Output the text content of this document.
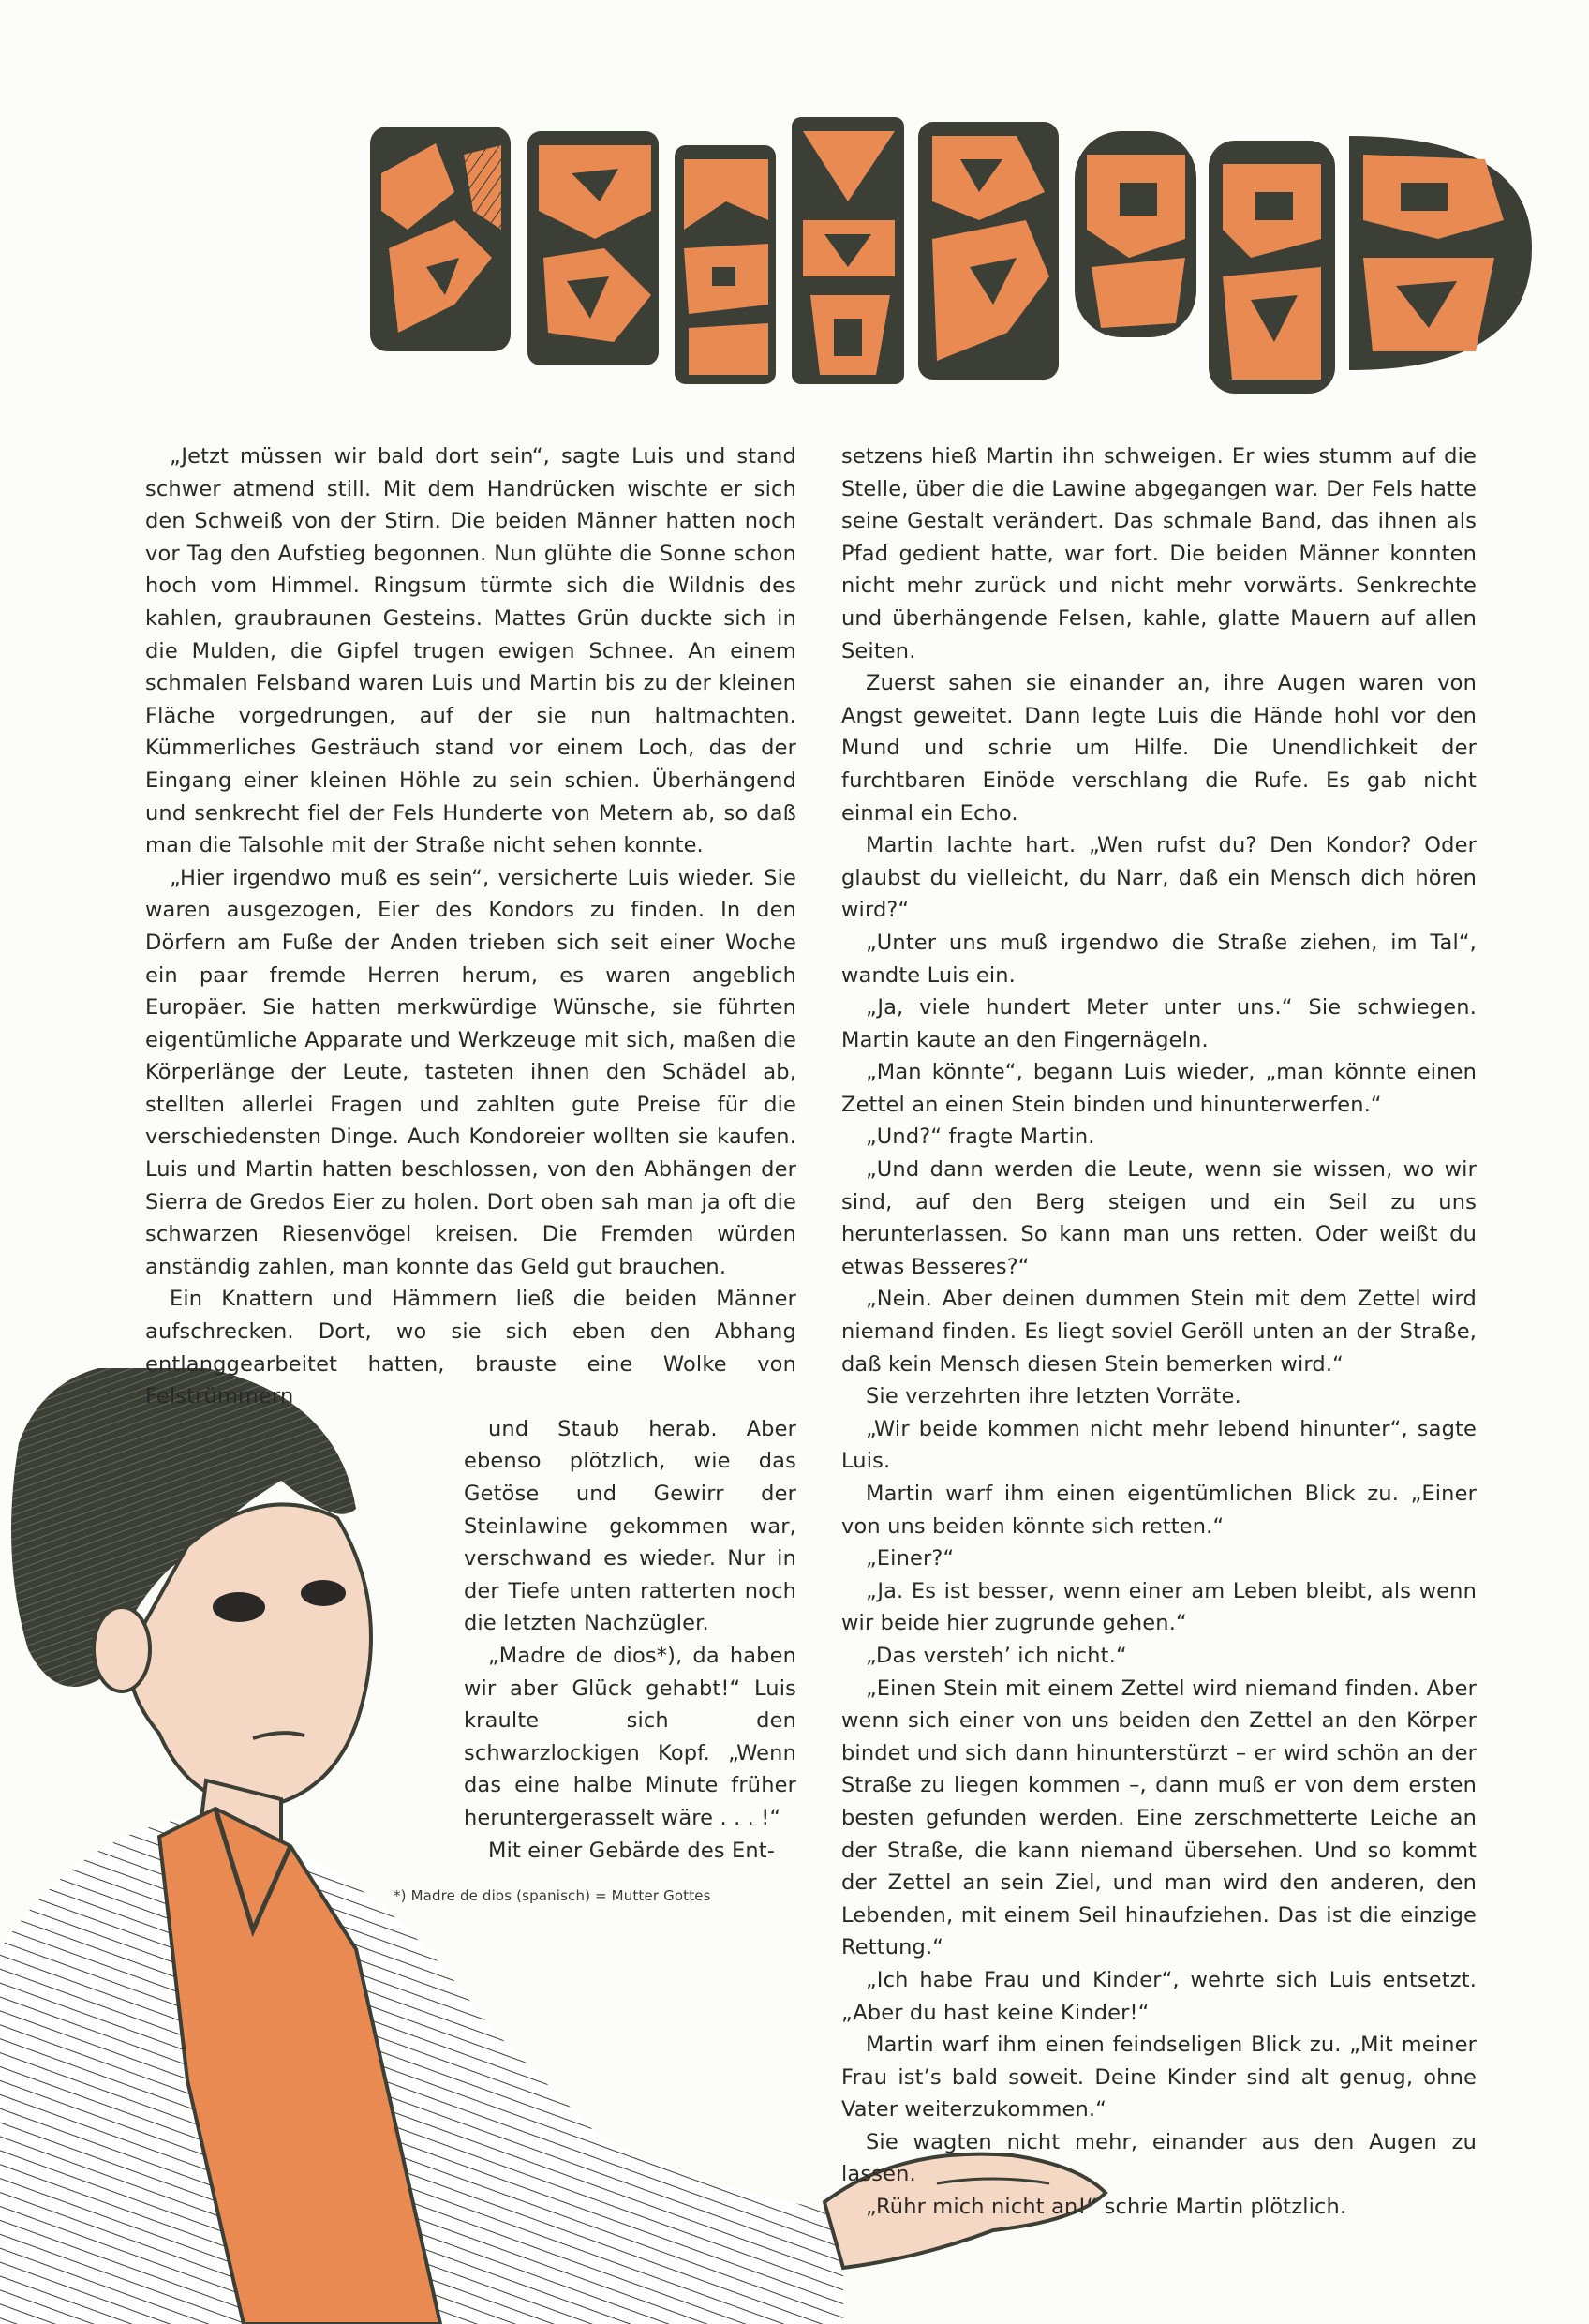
„Jetzt müssen wir bald dort sein“, sagte Luis und stand schwer atmend still. Mit dem Handrücken wischte er sich den Schweiß von der Stirn. Die beiden Männer hatten noch vor Tag den Aufstieg begonnen. Nun glühte die Sonne schon hoch vom Himmel. Ringsum türmte sich die Wildnis des kahlen, graubraunen Gesteins. Mattes Grün duckte sich in die Mulden, die Gipfel trugen ewigen Schnee. An einem schmalen Felsband waren Luis und Martin bis zu der kleinen Fläche vorgedrungen, auf der sie nun haltmachten. Kümmerliches Gesträuch stand vor einem Loch, das der Eingang einer kleinen Höhle zu sein schien. Überhängend und senkrecht fiel der Fels Hunderte von Metern ab, so daß man die Talsohle mit der Straße nicht sehen konnte.

„Hier irgendwo muß es sein“, versicherte Luis wieder. Sie waren ausgezogen, Eier des Kondors zu finden. In den Dörfern am Fuße der Anden trieben sich seit einer Woche ein paar fremde Herren herum, es waren angeblich Europäer. Sie hatten merkwürdige Wünsche, sie führten eigentümliche Apparate und Werkzeuge mit sich, maßen die Körperlänge der Leute, tasteten ihnen den Schädel ab, stellten allerlei Fragen und zahlten gute Preise für die verschiedensten Dinge. Auch Kondoreier wollten sie kaufen. Luis und Martin hatten beschlossen, von den Abhängen der Sierra de Gredos Eier zu holen. Dort oben sah man ja oft die schwarzen Riesenvögel kreisen. Die Fremden würden anständig zahlen, man konnte das Geld gut brauchen.

Ein Knattern und Hämmern ließ die beiden Männer aufschrecken. Dort, wo sie sich eben den Abhang entlanggearbeitet hatten, brauste eine Wolke von Felstrümmern

und Staub herab. Aber ebenso plötzlich, wie das Getöse und Gewirr der Steinlawine gekommen war, verschwand es wieder. Nur in der Tiefe unten ratterten noch die letzten Nachzügler.

„Madre de dios*), da haben wir aber Glück gehabt!“ Luis kraulte sich den schwarzlockigen Kopf. „Wenn das eine halbe Minute früher heruntergerasselt wäre . . . !“

Mit einer Gebärde des Ent-

*) Madre de dios (spanisch) = Mutter Gottes

setzens hieß Martin ihn schweigen. Er wies stumm auf die Stelle, über die die Lawine abgegangen war. Der Fels hatte seine Gestalt verändert. Das schmale Band, das ihnen als Pfad gedient hatte, war fort. Die beiden Männer konnten nicht mehr zurück und nicht mehr vorwärts. Senkrechte und überhängende Felsen, kahle, glatte Mauern auf allen Seiten.

Zuerst sahen sie einander an, ihre Augen waren von Angst geweitet. Dann legte Luis die Hände hohl vor den Mund und schrie um Hilfe. Die Unendlichkeit der furchtbaren Einöde verschlang die Rufe. Es gab nicht einmal ein Echo.

Martin lachte hart. „Wen rufst du? Den Kondor? Oder glaubst du vielleicht, du Narr, daß ein Mensch dich hören wird?“

„Unter uns muß irgendwo die Straße ziehen, im Tal“, wandte Luis ein.

„Ja, viele hundert Meter unter uns.“ Sie schwiegen. Martin kaute an den Fingernägeln.

„Man könnte“, begann Luis wieder, „man könnte einen Zettel an einen Stein binden und hinunterwerfen.“

„Und?“ fragte Martin.

„Und dann werden die Leute, wenn sie wissen, wo wir sind, auf den Berg steigen und ein Seil zu uns herunterlassen. So kann man uns retten. Oder weißt du etwas Besseres?“

„Nein. Aber deinen dummen Stein mit dem Zettel wird niemand finden. Es liegt soviel Geröll unten an der Straße, daß kein Mensch diesen Stein bemerken wird.“

Sie verzehrten ihre letzten Vorräte.

„Wir beide kommen nicht mehr lebend hinunter“, sagte Luis.

Martin warf ihm einen eigentümlichen Blick zu. „Einer von uns beiden könnte sich retten.“

„Einer?“

„Ja. Es ist besser, wenn einer am Leben bleibt, als wenn wir beide hier zugrunde gehen.“

„Das versteh’ ich nicht.“

„Einen Stein mit einem Zettel wird niemand finden. Aber wenn sich einer von uns beiden den Zettel an den Körper bindet und sich dann hinunterstürzt – er wird schön an der Straße zu liegen kommen –, dann muß er von dem ersten besten gefunden werden. Eine zerschmetterte Leiche an der Straße, die kann niemand übersehen. Und so kommt der Zettel an sein Ziel, und man wird den anderen, den Lebenden, mit einem Seil hinaufziehen. Das ist die einzige Rettung.“

„Ich habe Frau und Kinder“, wehrte sich Luis entsetzt. „Aber du hast keine Kinder!“

Martin warf ihm einen feindseligen Blick zu. „Mit meiner Frau ist’s bald soweit. Deine Kinder sind alt genug, ohne Vater weiterzukommen.“

Sie wagten nicht mehr, einander aus den Augen zu lassen.

„Rühr mich nicht an!“ schrie Martin plötzlich.
